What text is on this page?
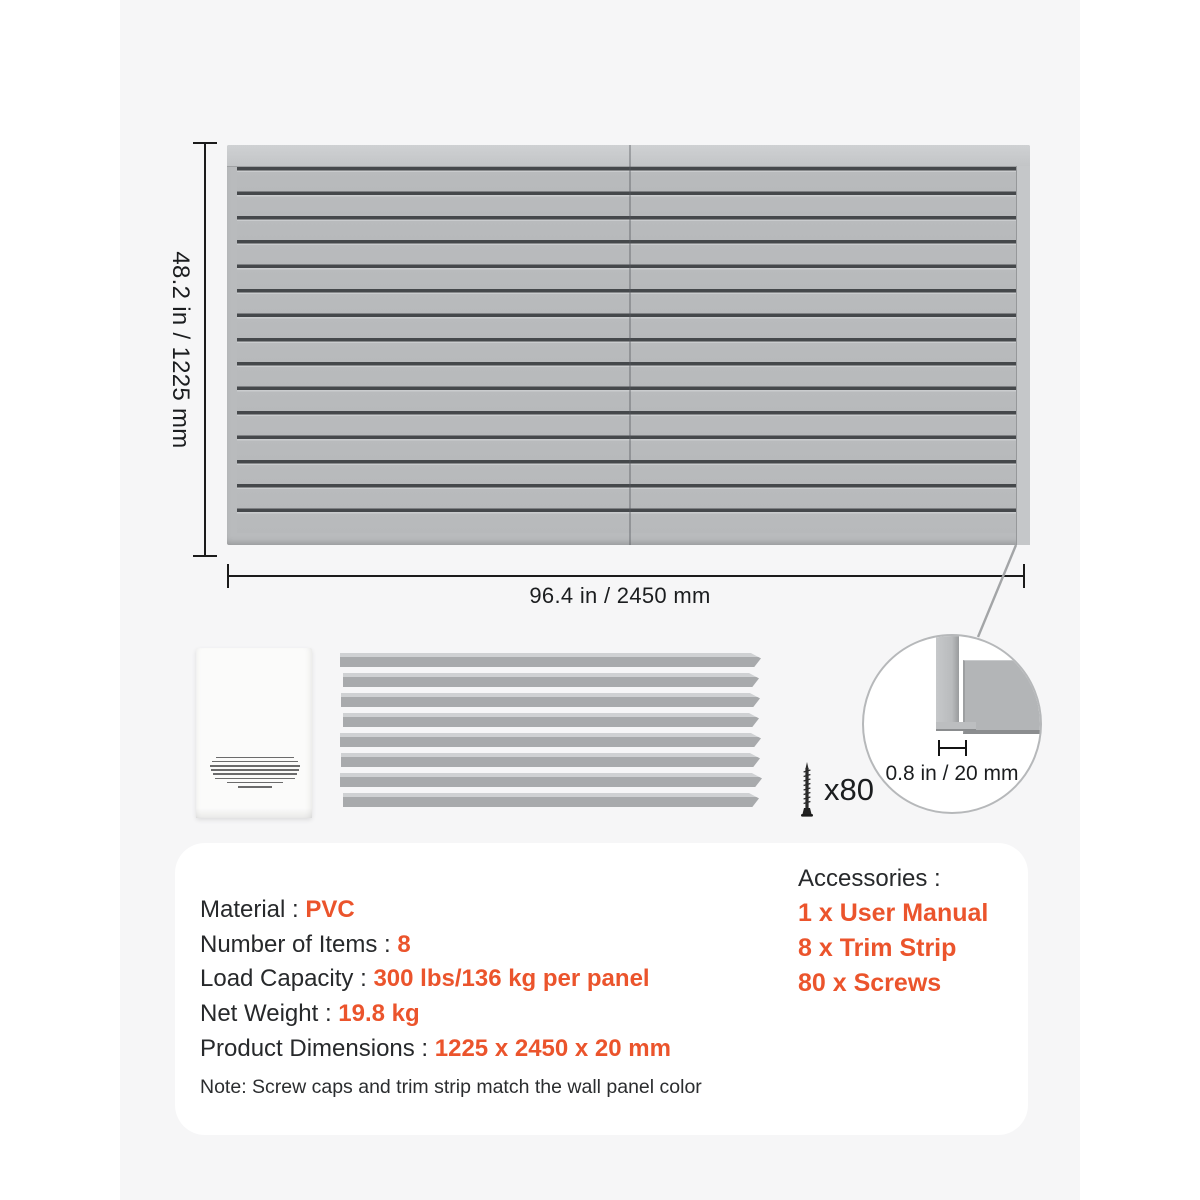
48.2 in / 1225 mm
96.4 in / 2450 mm
x80 0.8 in / 20 mm
Material : PVC
Number of Items : 8
Load Capacity : 300 lbs/136 kg per panel
Net Weight : 19.8 kg
Product Dimensions : 1225 x 2450 x 20 mm
Note: Screw caps and trim strip match the wall panel color
Accessories :
1 x User Manual
8 x Trim Strip
80 x Screws
